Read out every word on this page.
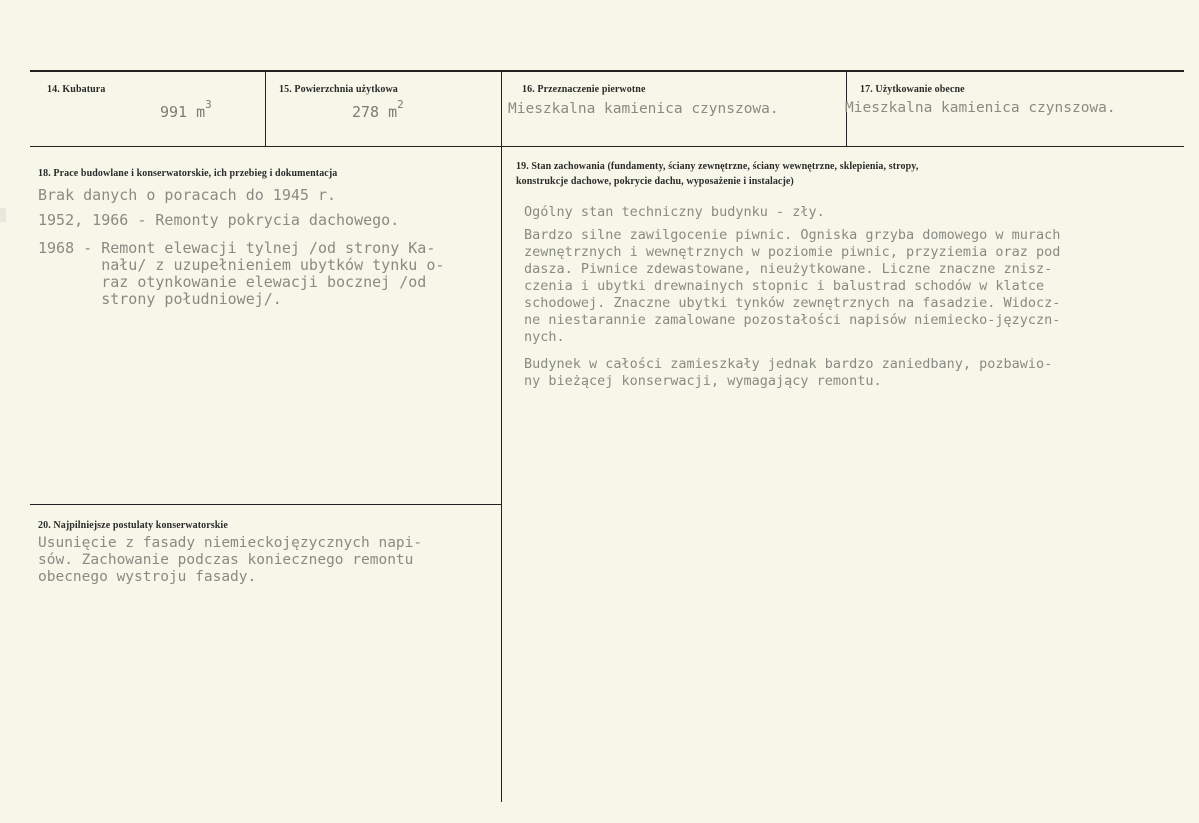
14. Kubatura
991 $m^3$
15. Powierzchnia użytkowa
278 $m^2$
16. Przeznaczenie pierwotne
Mieszkalna kamienica czynszowa.
17. Użytkowanie obecne
Mieszkalna kamienica czynszowa.
18. Prace budowlane i konserwatorskie, ich przebieg i dokumentacja
Brak danych o poracach do 1945 r.
1952, 1966 - Remonty pokrycia dachowego.
1968 - Remont elewacji tylnej /od strony Ka-
nału/ z uzupełnieniem ubytków tynku o-
raz otynkowanie elewacji bocznej /od
strony południowej/.
19. Stan zachowania (fundamenty, ściany zewnętrzne, ściany wewnętrzne, sklepienia, stropy,
konstrukcje dachowe, pokrycie dachu, wyposażenie i instalacje)
Ogólny stan techniczny budynku - zły.
Bardzo silne zawilgocenie piwnic. Ogniska grzyba domowego w murach
zewnętrznych i wewnętrznych w poziomie piwnic, przyziemia oraz pod
dasza. Piwnice zdewastowane, nieużytkowane. Liczne znaczne znisz-
czenia i ubytki drewnainych stopnic i balustrad schodów w klatce
schodowej. Znaczne ubytki tynków zewnętrznych na fasadzie. Widocz-
ne niestarannie zamalowane pozostałości napisów niemiecko-języczn-
nych.
Budynek w całości zamieszkały jednak bardzo zaniedbany, pozbawio-
ny bieżącej konserwacji, wymagający remontu.
20. Najpilniejsze postulaty konserwatorskie
Usunięcie z fasady niemieckojęzycznych napi-
sów. Zachowanie podczas koniecznego remontu
obecnego wystroju fasady.
